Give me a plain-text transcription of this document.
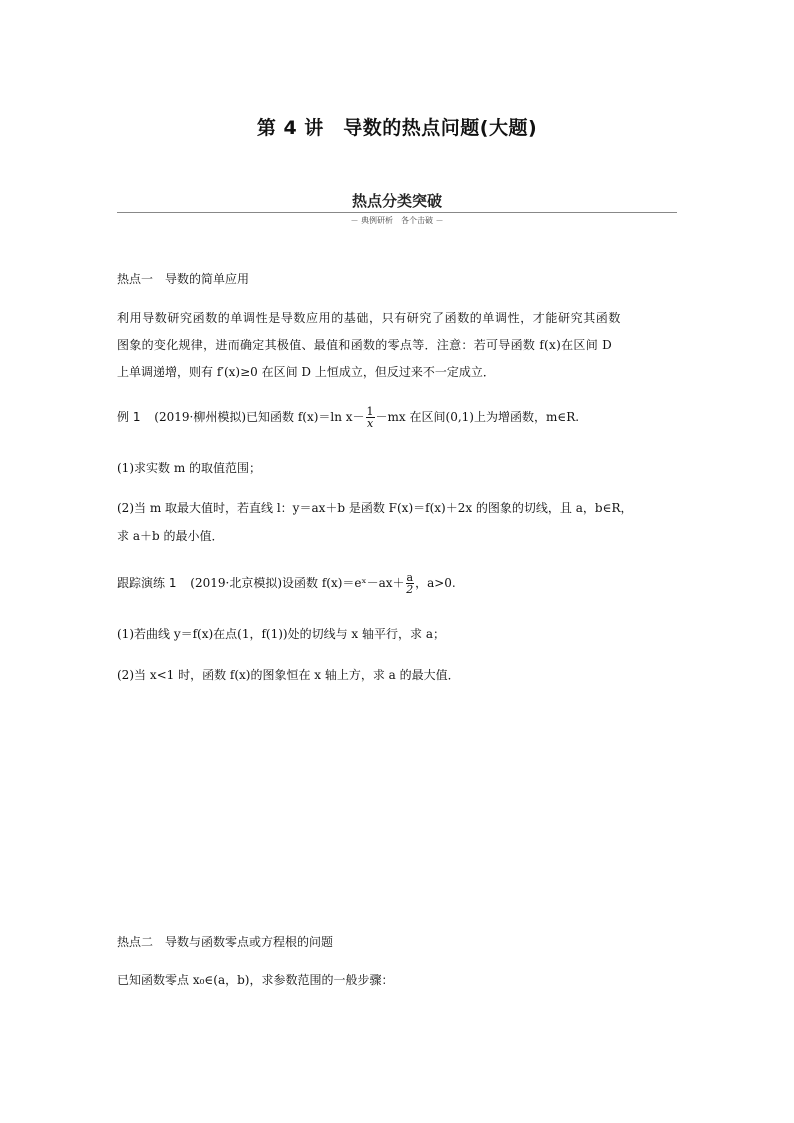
第 4 讲　导数的热点问题(大题)
热点分类突破
－ 典例研析　各个击破 －
热点一　导数的简单应用
利用导数研究函数的单调性是导数应用的基础，只有研究了函数的单调性，才能研究其函数
图象的变化规律，进而确定其极值、最值和函数的零点等．注意：若可导函数 f(x)在区间 D
上单调递增，则有 f′(x)≥0 在区间 D 上恒成立，但反过来不一定成立．
例 1 (2019·柳州模拟)已知函数 f(x)＝ln $x- \frac{1}{x} -mx$ 在区间(0,1)上为增函数，m∈R.
(1)求实数 m 的取值范围；
(2)当 m 取最大值时，若直线 l：y＝ax＋b 是函数 F(x)＝f(x)＋2x 的图象的切线，且 a，b∈R，
求 a＋b 的最小值．
跟踪演练 1 (2019·北京模拟)设函数 f(x)＝eˣ－ax＋ $\frac{a}{2}$ ，a>0.
(1)若曲线 y＝f(x)在点(1，f(1))处的切线与 x 轴平行，求 a；
(2)当 x<1 时，函数 f(x)的图象恒在 x 轴上方，求 a 的最大值．
热点二　导数与函数零点或方程根的问题
已知函数零点 x₀∈(a，b)，求参数范围的一般步骤：
